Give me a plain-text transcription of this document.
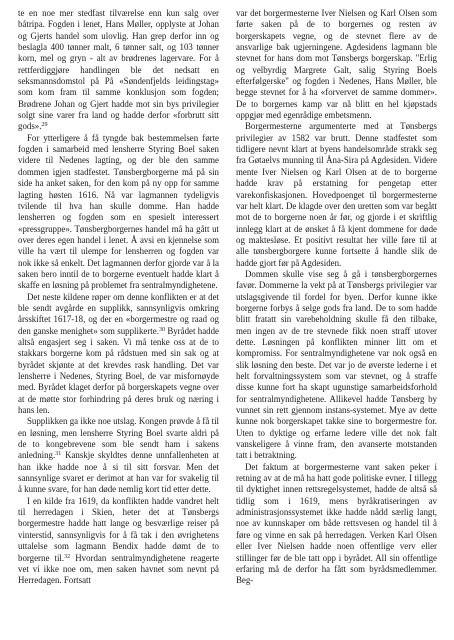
te en noe mer stedfast tilværelse enn kun salg over båtripa. Fogden i lenet, Hans Møller, opplyste at Johan og Gjerts handel som ulovlig. Han grep derfor inn og beslagla 400 tønner malt, 6 tønner salt, og 103 tønner korn, mel og gryn - alt av brødrenes lagervare. For å rettferdiggjøre handlingen ble det nedsatt en seksmannsdomstol på På «Søndenfjelds leidingstag» som kom fram til samme konklusjon som fogden; Brødrene Johan og Gjert hadde mot sin bys privilegier solgt sine varer fra land og hadde derfor «forbrutt sitt gods».$^{29}$

For ytterligere å få tyngde bak bestemmelsen førte fogden i samarbeid med lensherre Styring Boel saken videre til Nedenes lagting, og der ble den samme dommen igjen stadfestet. Tønsbergborgerne må på sin side ha anket saken, for den kom på ny opp for samme lagting høsten 1616. Nå var lagmannen tydeligvis tvilende til hva han skulle domme. Han hadde lensherren og fogden som en spesielt interessert «pressgruppe». Tønsbergborgernes handel må ha gått ut over deres egen handel i lenet. Å avsi en kjennelse som ville ha vært til ulempe for lensherren og fogden var nok ikke så enkelt. Det lagmannen derfor gjorde var å la saken bero inntil de to borgerne eventuelt hadde klart å skaffe en løsning på problemet fra sentralmyndighetene.

Det neste kildene røper om denne konflikten er at det ble sendt avgårde en supplikk, sannsynligvis omkring årsskiftet 1617-18, og der en «borgermestre og raad og den ganske menighet» som supplikerte.$^{30}$ Byrådet hadde altså engasjert seg i saken. Vi må tenke oss at de to stakkars borgerne kom på rådstuen med sin sak og at byrådet skjønte at det krevdes rask handling. Det var lensherre i Nedenes, Styring Boel, de var misfornøyde med. Byrådet klaget derfor på borgerskapets vegne over at de møtte stor forhindring på deres bruk og næring i hans len.

Supplikken ga ikke noe utslag. Kongen prøvde å få til en løsning, men lensherre Styring Boel svarte aldri på de to kongebrevene som ble sendt ham i sakens anledning.$^{31}$ Kanskje skyldtes denne unnfallenheten at han ikke hadde noe å si til sitt forsvar. Men det sannsynlige svaret er derimot at han var for svakelig til å kunne svare, for han døde nemlig kort tid etter dette.

I en kilde fra 1619, da konflikten hadde vandret helt til herredagen i Skien, heter det at Tønsbergs borgermestre hadde hatt lange og besværlige reiser på vinterstid, sannsynligvis for å få tak i den øvrighetens uttalelse som lagmann Bendix hadde dømt de to borgerne til.$^{32}$ Hvordan sentralmyndighetene reagerte vet vi ikke noe om, men saken havnet som nevnt på Herredagen. Fortsatt

var det borgermesterne Iver Nielsen og Karl Olsen som førte saken på de to borgernes og resten av borgerskapets vegne, og de stevnet flere av de ansvarlige bak ugjerningene. Agdesidens lagmann ble stevnet for hans dom mot Tønsbergs borgerskap. "Erlig og velbyrdig Margrete Galt, salig Styring Boels efterfølgerske" og fogden i Nedenes, Hans Møller, ble begge stevnet for å ha «forvervet de samme dommer». De to borgernes kamp var nå blitt en hel kjøpstads oppgjør med egenrådige embetsmenn.

Borgermesterne argumenterte med at Tønsbergs privilegier av 1582 var brutt. Denne stadfestet som tidligere nevnt klart at byens handelsområde strakk seg fra Gøtaelvs munning til Åna-Sira på Agdesiden. Videre mente Iver Nielsen og Karl Olsen at de to borgerne hadde krav på erstatning for pengetap etter varekonfiskasjonen. Hovedpoenget til borgermesterne var helt klart. De klagde over den uretten som var begått mot de to borgerne noen år før, og gjorde i et skriftlig innlegg klart at de ønsket å få kjent dommene for døde og maktesløse. Et positivt resultat her ville føre til at alle tønsbergborgere kunne fortsette å handle slik de hadde gjort før på Agdesiden.

Dommen skulle vise seg å gå i tønsbergborgernes favør. Dommerne la vekt på at Tønsbergs privilegier var utslagsgivende til fordel for byen. Derfor kunne ikke borgerne forbys å selge gods fra land. De to som hadde blitt fratatt sin varebeholdning skulle få den tilbake, men ingen av de tre stevnede fikk noen straff utover dette. Løsningen på konflikten minner litt om et kompromiss. For sentralmyndighetene var nok også en slik løsning den beste. Det var jo de øverste lederne i et helt forvaltningssystem som var stevnet, og å straffe disse kunne fort ha skapt ugunstige samarbeidsforhold for sentralmyndighetene. Allikevel hadde Tønsberg by vunnet sin rett gjennom instans-systemet. Mye av dette kunne nok borgerskapet takke sine to borgermestre for. Uten to dyktige og erfarne ledere ville det nok falt vanskeligere å vinne fram, den avanserte motstanden tatt i betraktning.

Det faktum at borgermesterne vant saken peker i retning av at de må ha hatt gode politiske evner. I tillegg til dyktighet innen rettsregelsystemet, hadde de altså så tidlig som i 1619, mens byråkratiseringen av administrasjonssystemet ikke hadde nådd særlig langt, noe av kunnskaper om både rettsvesen og handel til å føre og vinne en sak på herredagen. Verken Karl Olsen eller Iver Nielsen hadde noen offentlige verv eller stillinger før de ble tatt opp i byrådet. All sin offentlige erfaring må de derfor ha fått som byrådsmedlemmer. Beg-
